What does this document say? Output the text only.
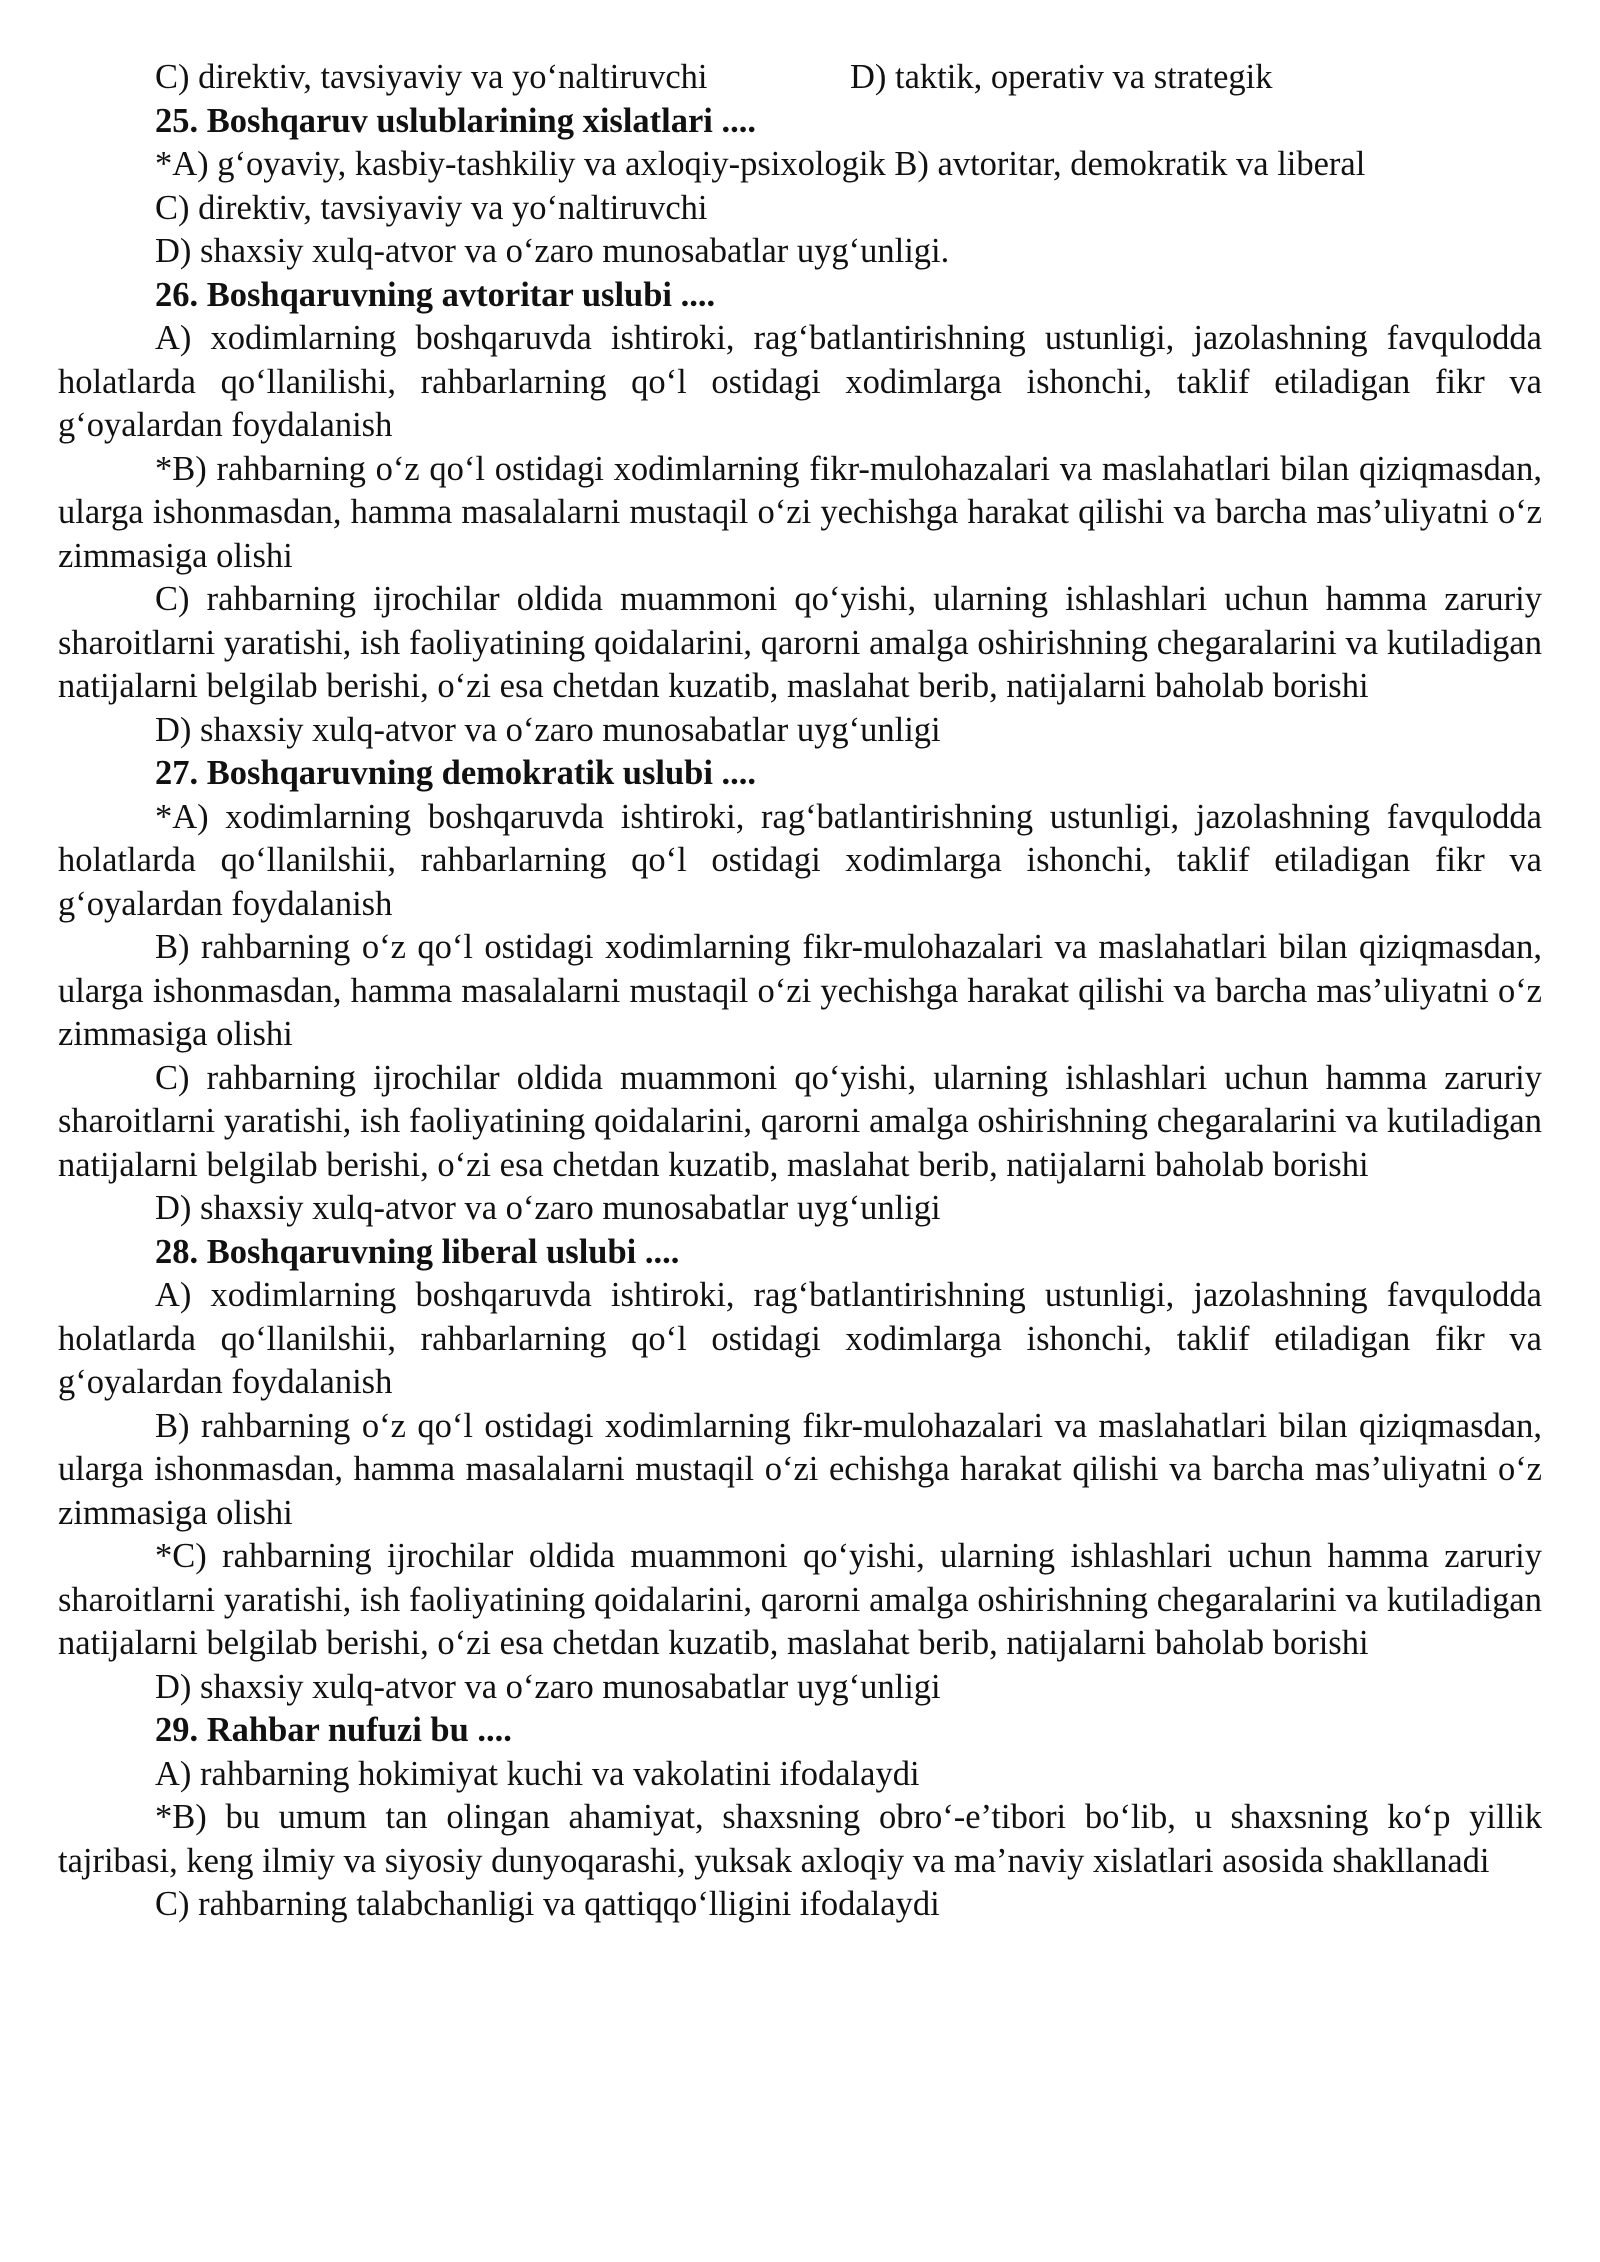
C) direktiv, tavsiyaviy va yo‘naltiruvchi	D) taktik, operativ va strategik

25. Boshqaruv uslublarining xislatlari ....

*A) g‘oyaviy, kasbiy-tashkiliy va axloqiy-psixologik B) avtoritar, demokratik va liberal

C) direktiv, tavsiyaviy va yo‘naltiruvchi

D) shaxsiy xulq-atvor va o‘zaro munosabatlar uyg‘unligi.

26. Boshqaruvning avtoritar uslubi ....

A) xodimlarning boshqaruvda ishtiroki, rag‘batlantirishning ustunligi, jazolashning favqulodda holatlarda qo‘llanilishi, rahbarlarning qo‘l ostidagi xodimlarga ishonchi, taklif etiladigan fikr va g‘oyalardan foydalanish

*B) rahbarning o‘z qo‘l ostidagi xodimlarning fikr-mulohazalari va maslahatlari bilan qiziqmasdan, ularga ishonmasdan, hamma masalalarni mustaqil o‘zi yechishga harakat qilishi va barcha mas’uliyatni o‘z zimmasiga olishi

C) rahbarning ijrochilar oldida muammoni qo‘yishi, ularning ishlashlari uchun hamma zaruriy sharoitlarni yaratishi, ish faoliyatining qoidalarini, qarorni amalga oshirishning chegaralarini va kutiladigan natijalarni belgilab berishi, o‘zi esa chetdan kuzatib, maslahat berib, natijalarni baholab borishi

D) shaxsiy xulq-atvor va o‘zaro munosabatlar uyg‘unligi

27. Boshqaruvning demokratik uslubi ....

*A) xodimlarning boshqaruvda ishtiroki, rag‘batlantirishning ustunligi, jazolashning favqulodda holatlarda qo‘llanilshii, rahbarlarning qo‘l ostidagi xodimlarga ishonchi, taklif etiladigan fikr va g‘oyalardan foydalanish

B) rahbarning o‘z qo‘l ostidagi xodimlarning fikr-mulohazalari va maslahatlari bilan qiziqmasdan, ularga ishonmasdan, hamma masalalarni mustaqil o‘zi yechishga harakat qilishi va barcha mas’uliyatni o‘z zimmasiga olishi

C) rahbarning ijrochilar oldida muammoni qo‘yishi, ularning ishlashlari uchun hamma zaruriy sharoitlarni yaratishi, ish faoliyatining qoidalarini, qarorni amalga oshirishning chegaralarini va kutiladigan natijalarni belgilab berishi, o‘zi esa chetdan kuzatib, maslahat berib, natijalarni baholab borishi

D) shaxsiy xulq-atvor va o‘zaro munosabatlar uyg‘unligi

28. Boshqaruvning liberal uslubi ....

A) xodimlarning boshqaruvda ishtiroki, rag‘batlantirishning ustunligi, jazolashning favqulodda holatlarda qo‘llanilshii, rahbarlarning qo‘l ostidagi xodimlarga ishonchi, taklif etiladigan fikr va g‘oyalardan foydalanish

B) rahbarning o‘z qo‘l ostidagi xodimlarning fikr-mulohazalari va maslahatlari bilan qiziqmasdan, ularga ishonmasdan, hamma masalalarni mustaqil o‘zi echishga harakat qilishi va barcha mas’uliyatni o‘z zimmasiga olishi

*C) rahbarning ijrochilar oldida muammoni qo‘yishi, ularning ishlashlari uchun hamma zaruriy sharoitlarni yaratishi, ish faoliyatining qoidalarini, qarorni amalga oshirishning chegaralarini va kutiladigan natijalarni belgilab berishi, o‘zi esa chetdan kuzatib, maslahat berib, natijalarni baholab borishi

D) shaxsiy xulq-atvor va o‘zaro munosabatlar uyg‘unligi

29. Rahbar nufuzi bu ....

A) rahbarning hokimiyat kuchi va vakolatini ifodalaydi

*B) bu umum tan olingan ahamiyat, shaxsning obro‘-e’tibori bo‘lib, u shaxsning ko‘p yillik tajribasi, keng ilmiy va siyosiy dunyoqarashi, yuksak axloqiy va ma’naviy xislatlari asosida shakllanadi

C) rahbarning talabchanligi va qattiqqo‘lligini ifodalaydi
